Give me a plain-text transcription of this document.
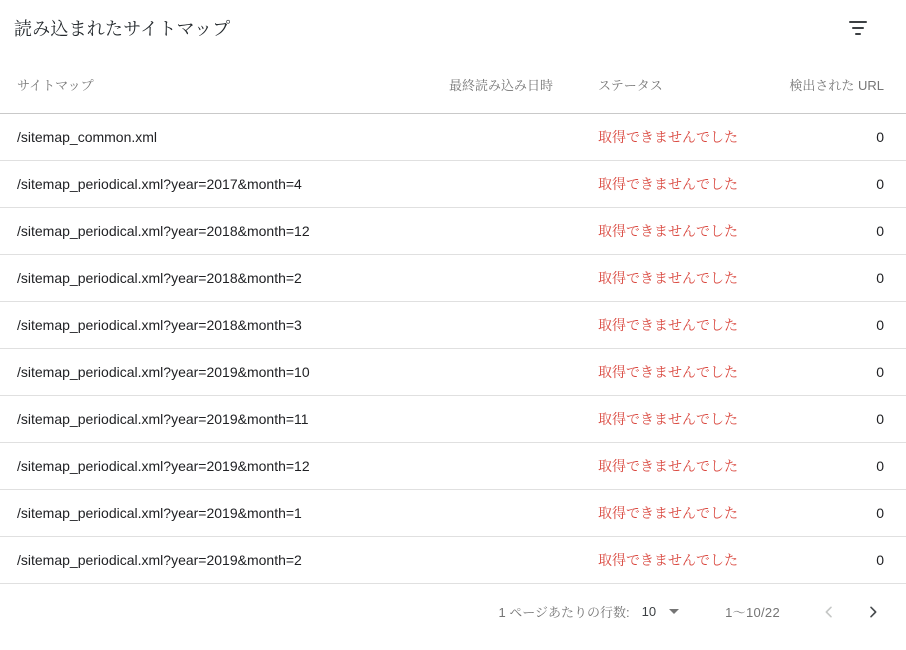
読み込まれたサイトマップ
サイトマップ	最終読み込み日時	ステータス	検出された URL
/sitemap_common.xml		取得できませんでした	0
/sitemap_periodical.xml?year=2017&month=4		取得できませんでした	0
/sitemap_periodical.xml?year=2018&month=12		取得できませんでした	0
/sitemap_periodical.xml?year=2018&month=2		取得できませんでした	0
/sitemap_periodical.xml?year=2018&month=3		取得できませんでした	0
/sitemap_periodical.xml?year=2019&month=10		取得できませんでした	0
/sitemap_periodical.xml?year=2019&month=11		取得できませんでした	0
/sitemap_periodical.xml?year=2019&month=12		取得できませんでした	0
/sitemap_periodical.xml?year=2019&month=1		取得できませんでした	0
/sitemap_periodical.xml?year=2019&month=2		取得できませんでした	0
1 ページあたりの行数: 10	1〜10/22
